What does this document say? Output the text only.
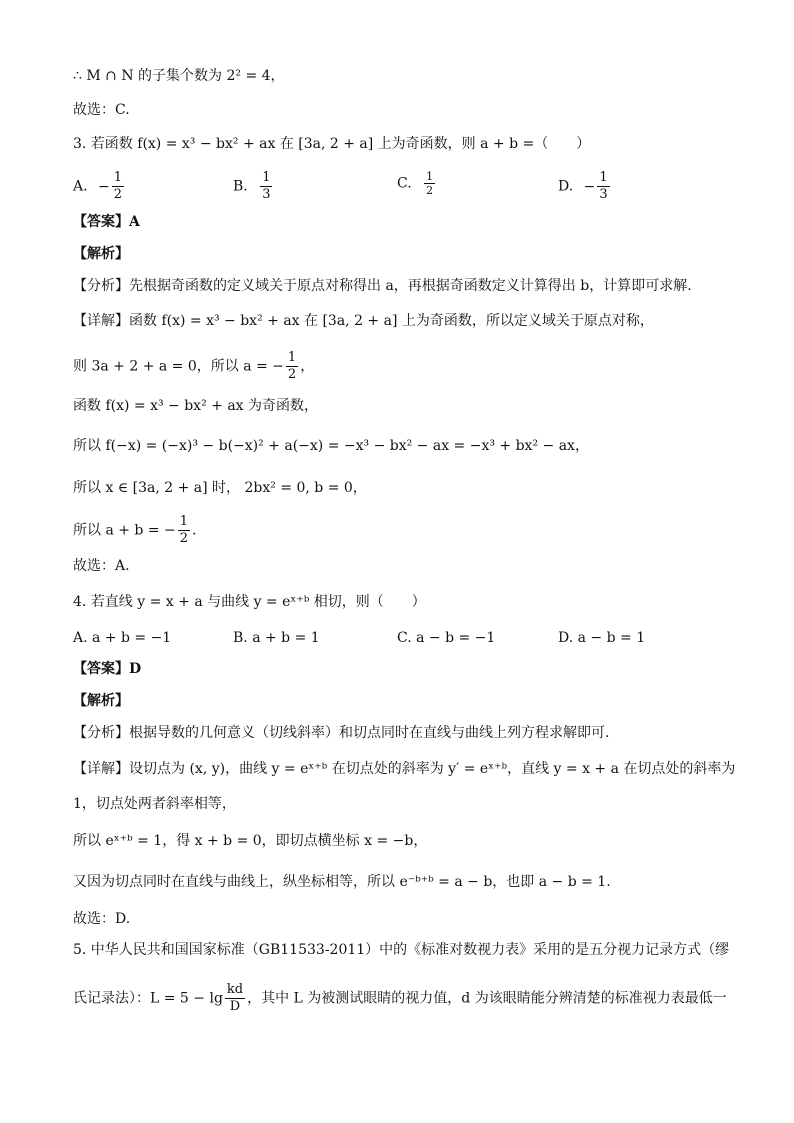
∴ M ∩ N 的子集个数为 2² = 4，
故选：C.
3. 若函数 f(x) = x³ − bx² + ax 在 [3a, 2 + a] 上为奇函数，则 a + b =（　　）
A. − $\frac{1}{2}$	B. $\frac{1}{3}$	C. $\frac{1}{2}$	D. − $\frac{1}{3}$
【答案】A
【解析】
【分析】先根据奇函数的定义域关于原点对称得出 a，再根据奇函数定义计算得出 b，计算即可求解.
【详解】函数 f(x) = x³ − bx² + ax 在 [3a, 2 + a] 上为奇函数，所以定义域关于原点对称，
则 3a + 2 + a = 0，所以 a = − $\frac{1}{2}$ ，
函数 f(x) = x³ − bx² + ax 为奇函数，
所以 f(−x) = (−x)³ − b(−x)² + a(−x) = −x³ − bx² − ax = −x³ + bx² − ax，
所以 x ∈ [3a, 2 + a] 时， 2bx² = 0, b = 0，
所以 a + b = − $\frac{1}{2}$ .
故选：A.
4. 若直线 y = x + a 与曲线 y = eˣ⁺ᵇ 相切，则（　　）
A. a + b = −1	B. a + b = 1	C. a − b = −1	D. a − b = 1
【答案】D
【解析】
【分析】根据导数的几何意义（切线斜率）和切点同时在直线与曲线上列方程求解即可.
【详解】设切点为 (x, y)，曲线 y = eˣ⁺ᵇ 在切点处的斜率为 y′ = eˣ⁺ᵇ，直线 y = x + a 在切点处的斜率为
1，切点处两者斜率相等，
所以 eˣ⁺ᵇ = 1，得 x + b = 0，即切点横坐标 x = −b，
又因为切点同时在直线与曲线上，纵坐标相等，所以 e⁻ᵇ⁺ᵇ = a − b，也即 a − b = 1.
故选：D.
5. 中华人民共和国国家标准（GB11533-2011）中的《标准对数视力表》采用的是五分视力记录方式（缪
氏记录法）：$L = 5 - \lg \frac{kd}{D}$ ，其中 L 为被测试眼睛的视力值，d 为该眼睛能分辨清楚的标准视力表最低一
